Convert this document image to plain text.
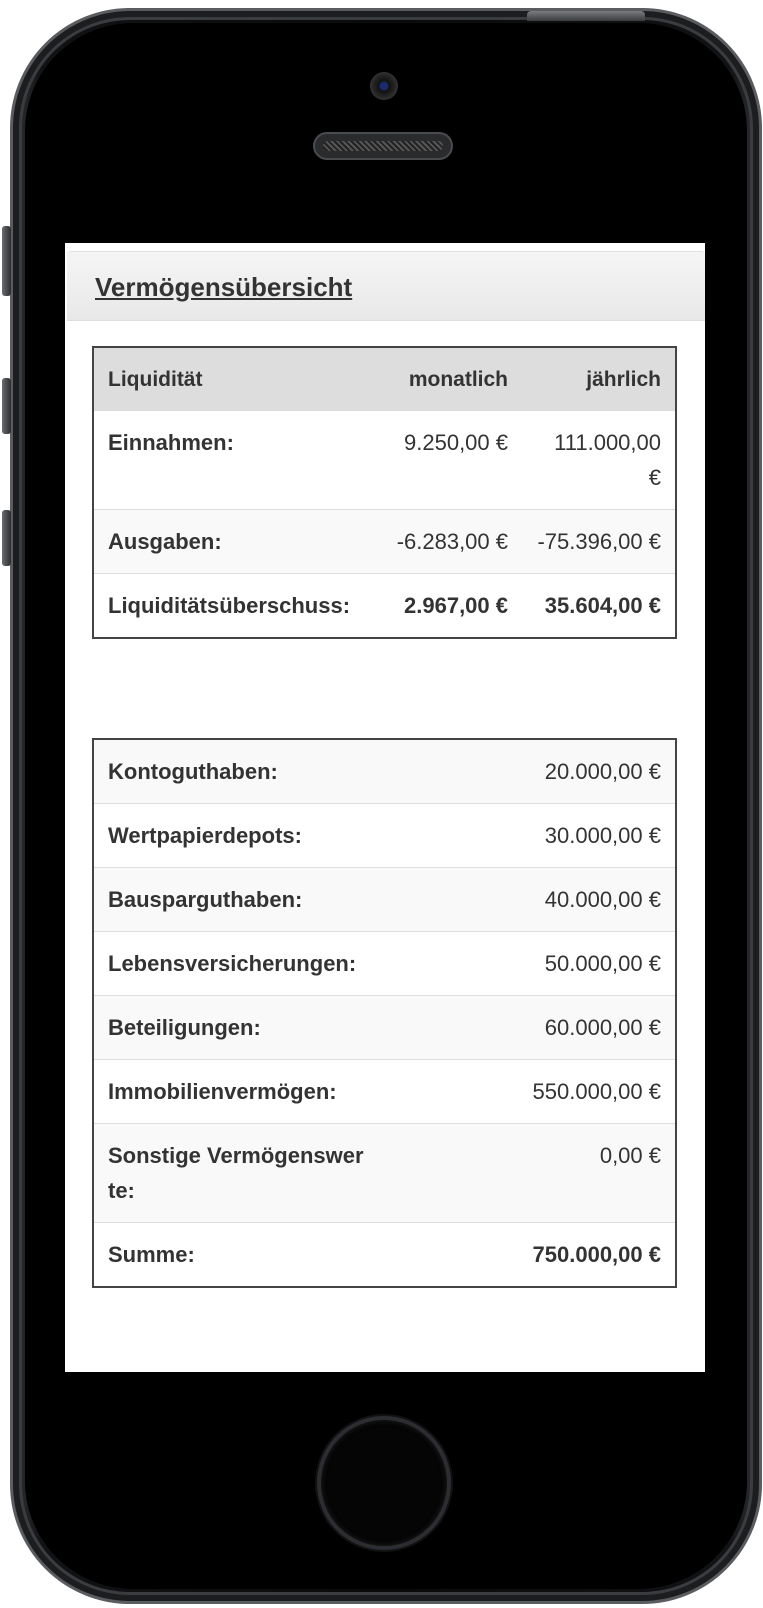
Vermögensübersicht
Liquidität	monatlich	jährlich
Einnahmen:	9.250,00 €	111.000,00 €
Ausgaben:	-6.283,00 €	-75.396,00 €
Liquiditätsüberschuss:	2.967,00 €	35.604,00 €
Kontoguthaben:	20.000,00 €
Wertpapierdepots:	30.000,00 €
Bausparguthaben:	40.000,00 €
Lebensversicherungen:	50.000,00 €
Beteiligungen:	60.000,00 €
Immobilienvermögen:	550.000,00 €
Sonstige Vermögenswerte:	0,00 €
Summe:	750.000,00 €
